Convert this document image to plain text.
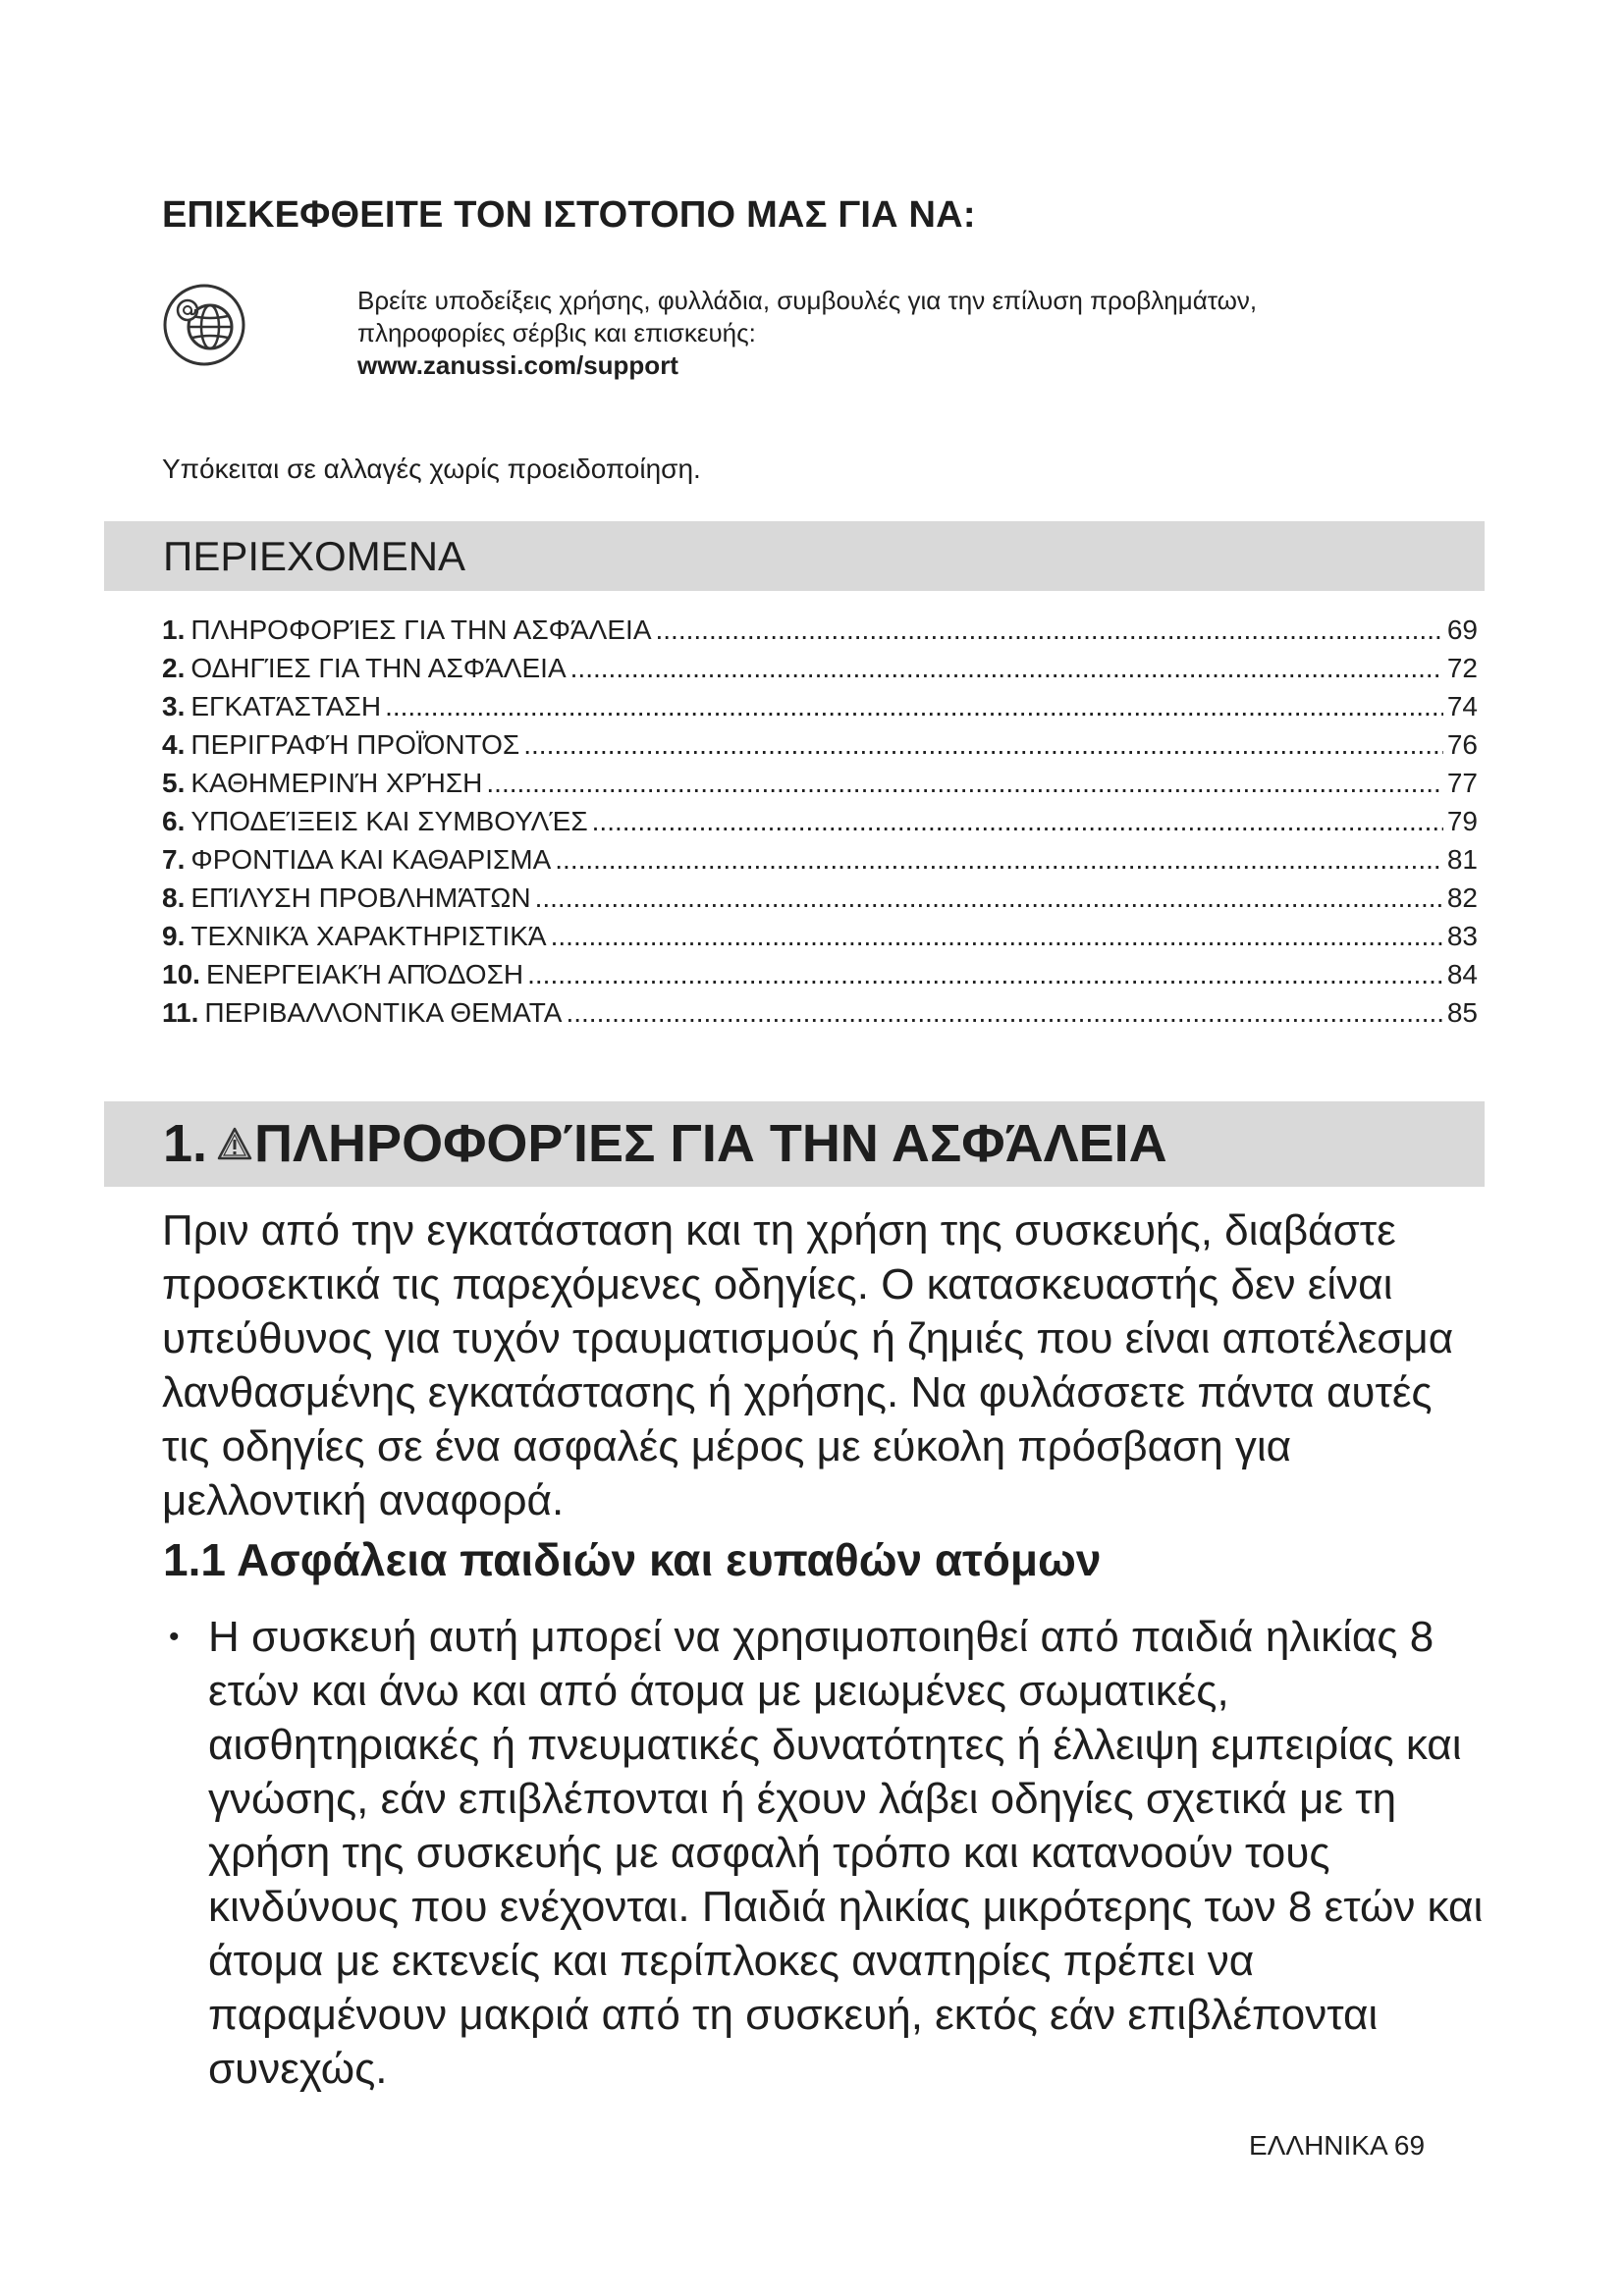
ΕΠΙΣΚΕΦΘΕΙΤΕ ΤΟΝ ΙΣΤΟΤΟΠΟ ΜΑΣ ΓΙΑ ΝΑ:
Βρείτε υποδείξεις χρήσης, φυλλάδια, συμβουλές για την επίλυση προβλημάτων,
πληροφορίες σέρβις και επισκευής:
www.zanussi.com/support
Υπόκειται σε αλλαγές χωρίς προειδοποίηση.
ΠΕΡΙΕΧΟΜΕΝΑ
1. ΠΛΗΡΟΦΟΡΊΕΣ ΓΙΑ ΤΗΝ ΑΣΦΆΛΕΙΑ .....	69
2. ΟΔΗΓΊΕΣ ΓΙΑ ΤΗΝ ΑΣΦΆΛΕΙΑ .....	72
3. ΕΓΚΑΤΆΣΤΑΣΗ .....	74
4. ΠΕΡΙΓΡΑΦΉ ΠΡΟΪΌΝΤΟΣ .....	76
5. ΚΑΘΗΜΕΡΙΝΉ ΧΡΉΣΗ .....	77
6. ΥΠΟΔΕΊΞΕΙΣ ΚΑΙ ΣΥΜΒΟΥΛΈΣ .....	79
7. ΦΡΟΝΤΙΔΑ ΚΑΙ ΚΑΘΑΡΙΣΜΑ .....	81
8. ΕΠΊΛΥΣΗ ΠΡΟΒΛΗΜΆΤΩΝ .....	82
9. ΤΕΧΝΙΚΆ ΧΑΡΑΚΤΗΡΙΣΤΙΚΆ .....	83
10. ΕΝΕΡΓΕΙΑΚΉ ΑΠΌΔΟΣΗ .....	84
11. ΠΕΡΙΒΑΛΛΟΝΤΙΚΑ ΘΕΜΑΤΑ .....	85
1. ΠΛΗΡΟΦΟΡΊΕΣ ΓΙΑ ΤΗΝ ΑΣΦΆΛΕΙΑ

Πριν από την εγκατάσταση και τη χρήση της συσκευής, διαβάστε προσεκτικά τις παρεχόμενες οδηγίες. Ο κατασκευαστής δεν είναι υπεύθυνος για τυχόν τραυματισμούς ή ζημιές που είναι αποτέλεσμα λανθασμένης εγκατάστασης ή χρήσης. Να φυλάσσετε πάντα αυτές τις οδηγίες σε ένα ασφαλές μέρος με εύκολη πρόσβαση για μελλοντική αναφορά.

1.1 Ασφάλεια παιδιών και ευπαθών ατόμων
• Η συσκευή αυτή μπορεί να χρησιμοποιηθεί από παιδιά ηλικίας 8 ετών και άνω και από άτομα με μειωμένες σωματικές, αισθητηριακές ή πνευματικές δυνατότητες ή έλλειψη εμπειρίας και γνώσης, εάν επιβλέπονται ή έχουν λάβει οδηγίες σχετικά με τη χρήση της συσκευής με ασφαλή τρόπο και κατανοούν τους κινδύνους που ενέχονται. Παιδιά ηλικίας μικρότερης των 8 ετών και άτομα με εκτενείς και περίπλοκες αναπηρίες πρέπει να παραμένουν μακριά από τη συσκευή, εκτός εάν επιβλέπονται συνεχώς.

ΕΛΛΗΝΙΚΑ 69
